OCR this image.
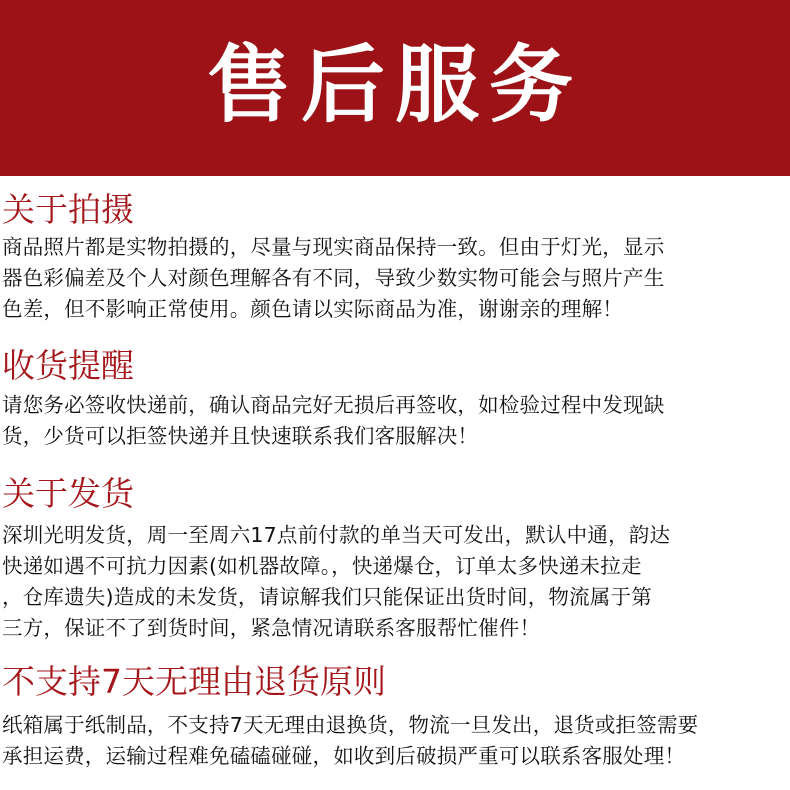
售后服务
关于拍摄
商品照片都是实物拍摄的，尽量与现实商品保持一致。但由于灯光，显示
器色彩偏差及个人对颜色理解各有不同，导致少数实物可能会与照片产生
色差，但不影响正常使用。颜色请以实际商品为准，谢谢亲的理解！
收货提醒
请您务必签收快递前，确认商品完好无损后再签收，如检验过程中发现缺
货，少货可以拒签快递并且快速联系我们客服解决！
关于发货
深圳光明发货，周一至周六17点前付款的单当天可发出，默认中通，韵达
快递如遇不可抗力因素(如机器故障。，快递爆仓，订单太多快递未拉走
，仓库遗失)造成的未发货，请谅解我们只能保证出货时间，物流属于第
三方，保证不了到货时间，紧急情况请联系客服帮忙催件！
不支持7天无理由退货原则
纸箱属于纸制品，不支持7天无理由退换货，物流一旦发出，退货或拒签需要
承担运费，运输过程难免磕磕碰碰，如收到后破损严重可以联系客服处理！
